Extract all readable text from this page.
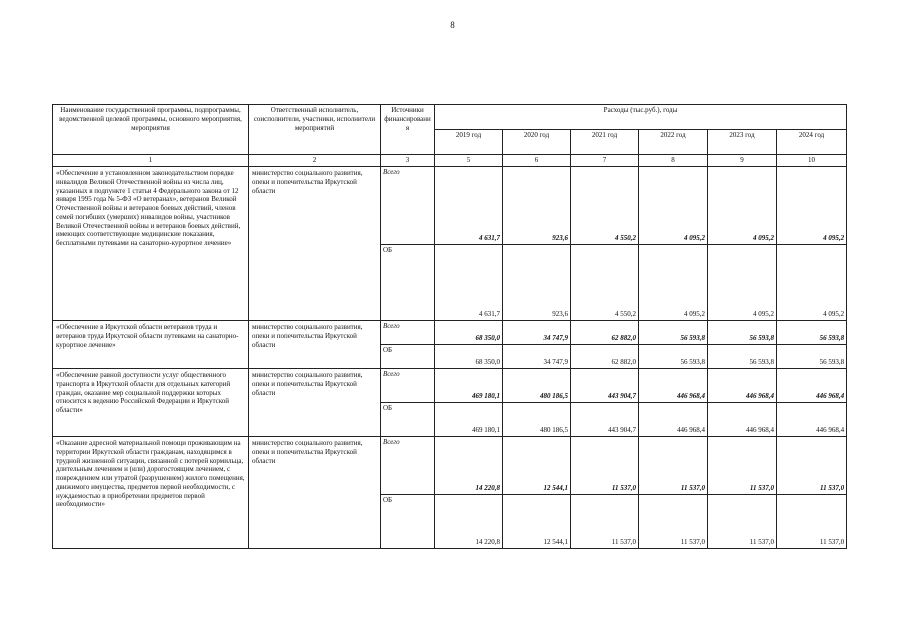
8
Наименование государственной программы, подпрограммы, ведомственной целевой программы, основного мероприятия, мероприятия	Ответственный исполнитель, соисполнители, участники, исполнители мероприятий	Источники финансировани я	Расходы (тыс.руб.), годы					
			2019 год	2020 год	2021 год	2022 год	2023 год	2024 год
1	2	3	5	6	7	8	9	10
«Обеспечение в установленном законодательством порядке инвалидов Великой Отечественной войны из числа лиц, указанных в подпункте 1 статьи 4 Федерального закона от 12 января 1995 года № 5-ФЗ «О ветеранах», ветеранов Великой Отечественной войны и ветеранов боевых действий, членов семей погибших (умерших) инвалидов войны, участников Великой Отечественной войны и ветеранов боевых действий, имеющих соответствующие медицинские показания, бесплатными путевками на санаторно-курортное лечение»	министерство социального развития, опеки и попечительства Иркутской области	Всего	4 631,7	923,6	4 550,2	4 095,2	4 095,2	4 095,2
		ОБ	4 631,7	923,6	4 550,2	4 095,2	4 095,2	4 095,2
«Обеспечение в Иркутской области ветеранов труда и ветеранов труда Иркутской области путевками на санаторно-курортное лечение»	министерство социального развития, опеки и попечительства Иркутской области	Всего	68 350,0	34 747,9	62 882,0	56 593,8	56 593,8	56 593,8
		ОБ	68 350,0	34 747,9	62 882,0	56 593,8	56 593,8	56 593,8
«Обеспечение равной доступности услуг общественного транспорта в Иркутской области для отдельных категорий граждан, оказание мер социальной поддержки которых относится к ведению Российской Федерации и Иркутской области»	министерство социального развития, опеки и попечительства Иркутской области	Всего	469 180,1	480 186,5	443 904,7	446 968,4	446 968,4	446 968,4
		ОБ	469 180,1	480 186,5	443 904,7	446 968,4	446 968,4	446 968,4
«Оказание адресной материальной помощи проживающим на территории Иркутской области гражданам, находящимся в трудной жизненной ситуации, связанной с потерей кормильца, длительным лечением и (или) дорогостоящим лечением, с повреждением или утратой (разрушением) жилого помещения, движимого имущества, предметов первой необходимости, с нуждаемостью в приобретении предметов первой необходимости»	министерство социального развития, опеки и попечительства Иркутской области	Всего	14 220,8	12 544,1	11 537,0	11 537,0	11 537,0	11 537,0
		ОБ	14 220,8	12 544,1	11 537,0	11 537,0	11 537,0	11 537,0
